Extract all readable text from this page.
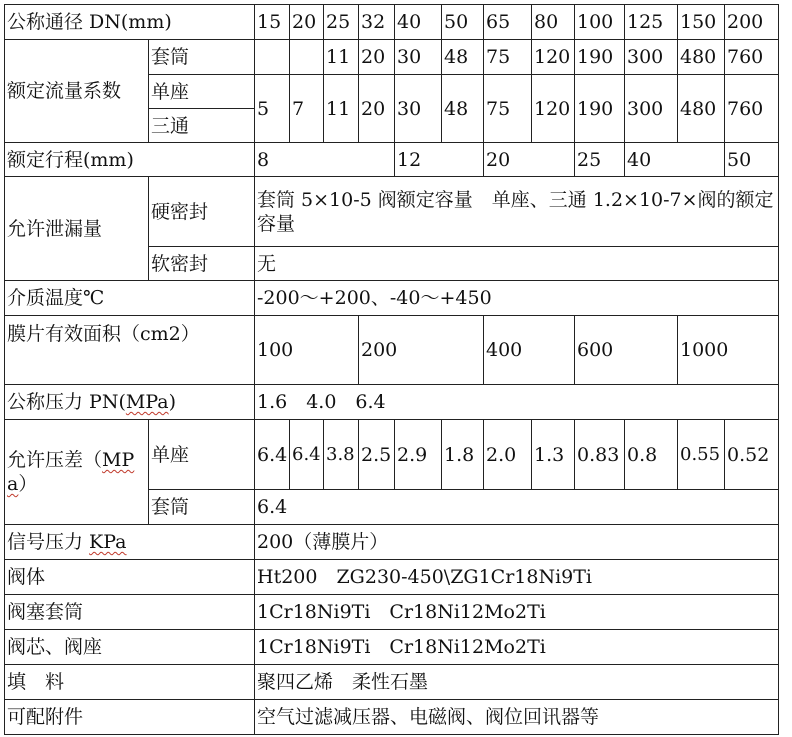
公称通径 DN(mm)		15	20	25	32	40	50	65	80	100	125	150	200
额定流量系数	套筒			11	20	30	48	75	120	190	300	480	760
	单座	5	7	11	20	30	48	75	120	190	300	480	760
	三通												
额定行程(mm)		8				12		20		25	40		50
允许泄漏量	硬密封	套筒 5×10-5 阀额定容量　单座、三通 1.2×10-7×阀的额定容量											
	软密封	无											
介质温度℃		-200～+200、-40～+450											
膜片有效面积（cm2）		100			200			400		600		1000	
公称压力 PN(MPa)		1.6　4.0　6.4											
允许压差（MPa）	单座	6.4	6.4	3.8	2.5	2.9	1.8	2.0	1.3	0.83	0.8	0.55	0.52
	套筒	6.4											
信号压力 KPa		200（薄膜片）											
阀体		Ht200　ZG230-450\ZG1Cr18Ni9Ti											
阀塞套筒		1Cr18Ni9Ti　Cr18Ni12Mo2Ti											
阀芯、阀座		1Cr18Ni9Ti　Cr18Ni12Mo2Ti											
填　料		聚四乙烯　柔性石墨											
可配附件		空气过滤减压器、电磁阀、阀位回讯器等											
